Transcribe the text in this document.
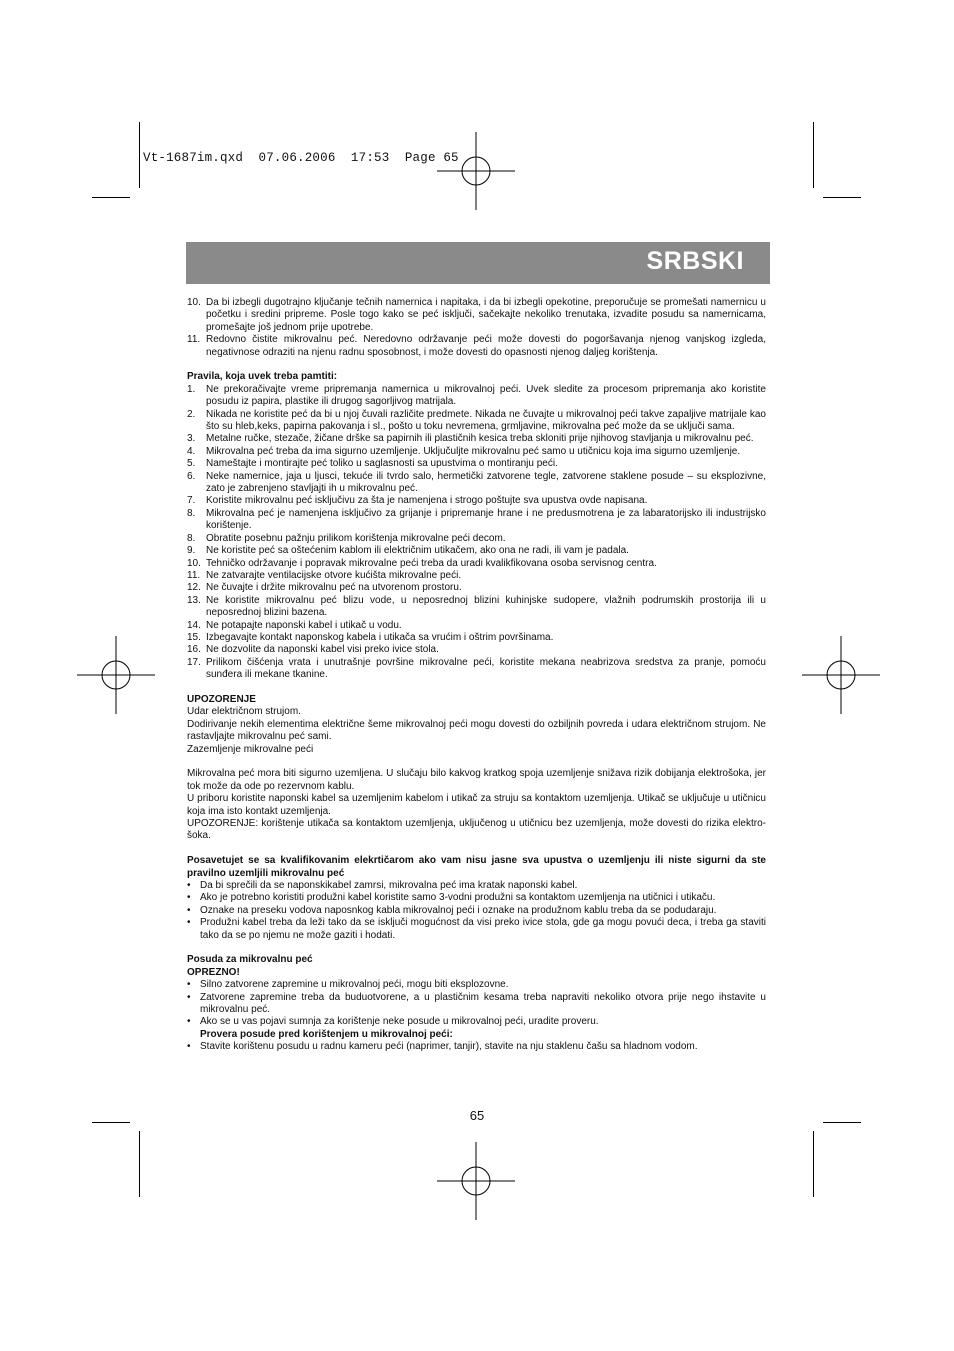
Vt-1687im.qxd  07.06.2006  17:53  Page 65
SRBSKI
10. Da bi izbegli dugotrajno ključanje tečnih namernica i napitaka, i da bi izbegli opekotine, preporučuje se promešati namernicu u početku i sredini pripreme. Posle togo kako se peć isključi, sačekajte nekoliko trenutaka, izvadite posudu sa namernicama, promešajte još jednom prije upotrebe.
11. Redovno čistite mikrovalnu peć. Neredovno održavanje peći može dovesti do pogoršavanja njenog vanjskog izgleda, negativnose odraziti na njenu radnu sposobnost, i može dovesti do opasnosti njenog daljeg korištenja.
Pravila, koja uvek treba pamtiti:
1.	Ne prekoračivajte vreme pripremanja namernica u mikrovalnoj peći. Uvek sledite za procesom pripremanja ako koristite posudu iz papira, plastike ili drugog sagorljivog matrijala.
2.	Nikada ne koristite peć da bi u njoj čuvali različite predmete. Nikada ne čuvajte u mikrovalnoj peći takve zapaljive matrijale kao što su hleb,keks, papirna pakovanja i sl., pošto u toku nevremena, grmljavine, mikrovalna peć može da se uključi sama.
3.	Metalne ručke, stezače, žičane drške sa papirnih ili plastičnih kesica treba skloniti prije njihovog stavljanja u mikrovalnu peć.
4.	Mikrovalna peć treba da ima sigurno uzemljenje. Uključuljte mikrovalnu peć samo u utičnicu koja ima sigurno uzemljenje.
5.	Nameštajte i montirajte peć toliko u saglasnosti sa upustvima o montiranju peći.
6.	Neke namernice, jaja u ljusci, tekuće ili tvrdo salo, hermetički zatvorene tegle, zatvorene staklene posude – su eksplozivne, zato je zabrenjeno stavljajti ih u mikrovalnu peć.
7.	Koristite mikrovalnu peć isključivu za šta je namenjena i strogo poštujte sva upustva ovde napisana.
8.	Mikrovalna peć je namenjena isključivo za grijanje i pripremanje hrane i ne predusmotrena je za labaratorijsko ili industrijsko korištenje.
8.	Obratite posebnu pažnju prilikom korištenja mikrovalne peći decom.
9.	Ne koristite peć sa oštećenim kablom ili električnim utikačem, ako ona ne radi, ili vam je padala.
10. Tehničko održavanje i popravak mikrovalne peći treba da uradi kvalikfikovana osoba servisnog centra.
11. Ne zatvarajte ventilacijske otvore kućišta mikrovalne peći.
12. Ne čuvajte i držite mikrovalnu peć na utvorenom prostoru.
13. Ne koristite mikrovalnu peć blizu vode, u neposrednoj blizini kuhinjske sudopere, vlažnih podrumskih prostorija ili u neposrednoj blizini bazena.
14. Ne potapajte naponski kabel i utikač u vodu.
15. Izbegavajte kontakt naponskog kabela i utikača sa vrućim i oštrim površinama.
16. Ne dozvolite da naponski kabel visi preko ivice stola.
17. Prilikom čišćenja vrata i unutrašnje površine mikrovalne peći, koristite mekana neabrizova sredstva za pranje, pomoću sunđera ili mekane tkanine.
UPOZORENJE
Udar električnom strujom.
Dodirivanje nekih elementima električne šeme mikrovalnoj peći mogu dovesti do ozbiljnih povreda i udara električnom strujom. Ne rastavljajte mikrovalnu peć sami.
Zazemljenje mikrovalne peći
Mikrovalna peć mora biti sigurno uzemljena. U slučaju bilo kakvog kratkog spoja uzemljenje snižava rizik dobijanja elektrošoka, jer tok može da ode po rezervnom kablu.
U priboru koristite naponski kabel sa uzemljenim kabelom i utikač za struju sa kontaktom uzemljenja. Utikač se uključuje u utičnicu koja ima isto kontakt uzemljenja.
UPOZORENJE: korištenje utikača sa kontaktom uzemljenja, uključenog u utičnicu bez uzemljenja, može dovesti do rizika elektro-šoka.
Posavetujet se sa kvalifikovanim elekrtičarom ako vam nisu jasne sva upustva o uzemljenju ili niste sigurni da ste pravilno uzemljili mikrovalnu peć
• Da bi sprečili da se naponskikabel zamrsi, mikrovalna peć ima kratak naponski kabel.
• Ako je potrebno koristiti produžni kabel koristite samo 3-vodni produžni sa kontaktom uzemljenja na utičnici i utikaču.
• Oznake na preseku vodova naposnkog kabla mikrovalnoj peći i oznake na produžnom kablu treba da se podudaraju.
• Produžni kabel treba da leži tako da se isključi mogućnost da visi preko ivice stola, gde ga mogu povući deca, i treba ga staviti tako da se po njemu ne može gaziti i hodati.
Posuda za mikrovalnu peć
OPREZNO!
• Silno zatvorene zapremine u mikrovalnoj peći, mogu biti eksplozovne.
• Zatvorene zapremine treba da buduotvorene, a u plastičnim kesama treba napraviti nekoliko otvora prije nego ihstavite u mikrovalnu peć.
• Ako se u vas pojavi sumnja za korištenje neke posude u mikrovalnoj peći, uradite proveru.
Provera posude pred korištenjem u mikrovalnoj peći:
• Stavite korištenu posudu u radnu kameru peći (naprimer, tanjir), stavite na nju staklenu čašu sa hladnom vodom.
65
